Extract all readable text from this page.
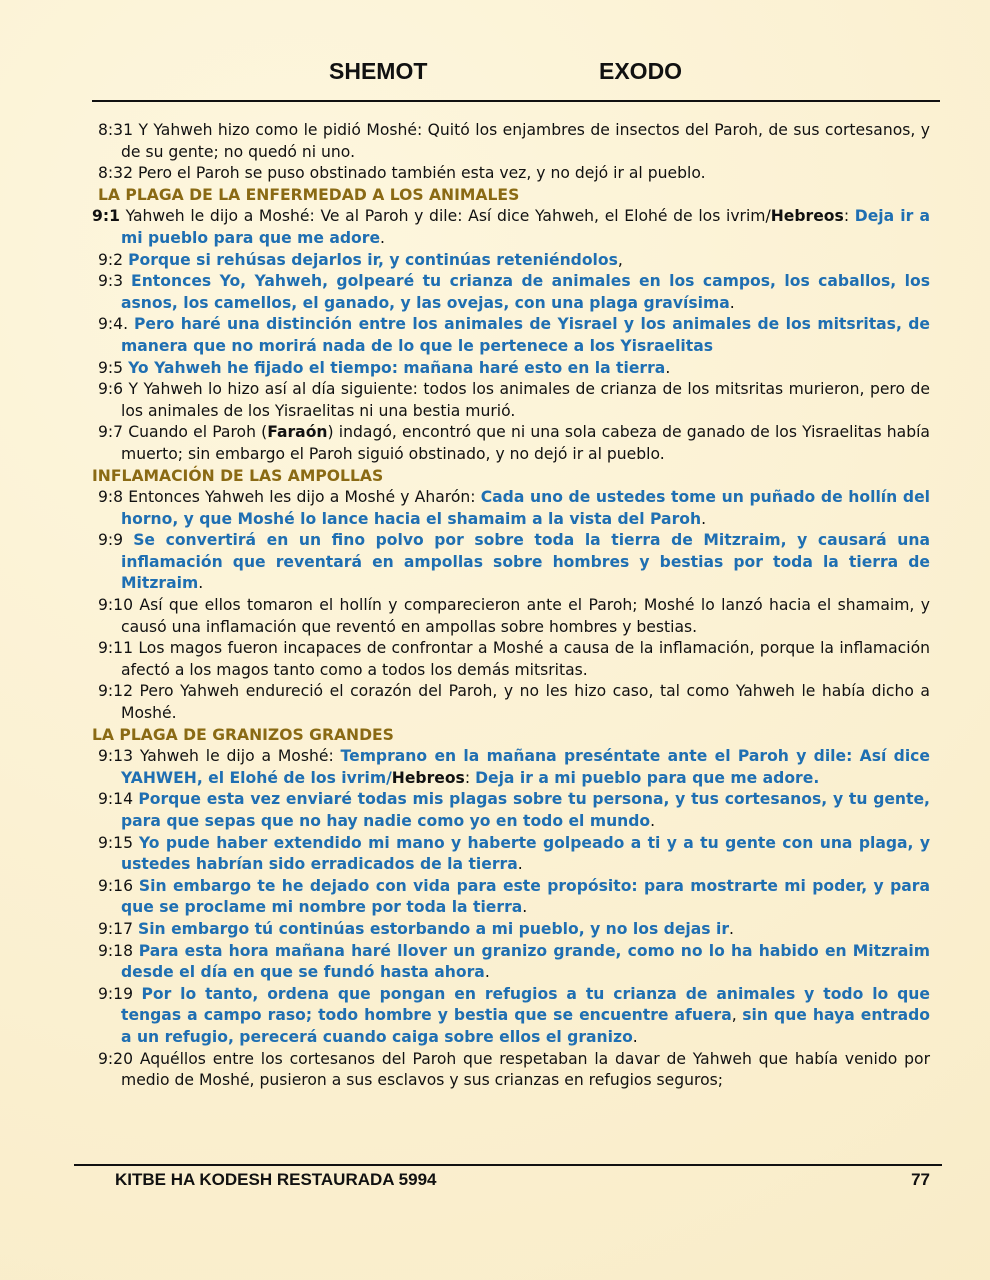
SHEMOT	EXODO

8:31 Y Yahweh hizo como le pidió Moshé: Quitó los enjambres de insectos del Paroh, de sus cortesanos, y de su gente; no quedó ni uno.

8:32 Pero el Paroh se puso obstinado también esta vez, y no dejó ir al pueblo.

LA PLAGA DE LA ENFERMEDAD A LOS ANIMALES

9:1 Yahweh le dijo a Moshé: Ve al Paroh y dile: Así dice Yahweh, el Elohé de los ivrim/Hebreos: Deja ir a mi pueblo para que me adore.

9:2 Porque si rehúsas dejarlos ir, y continúas reteniéndolos,

9:3 Entonces Yo, Yahweh, golpearé tu crianza de animales en los campos, los caballos, los asnos, los camellos, el ganado, y las ovejas, con una plaga gravísima.

9:4. Pero haré una distinción entre los animales de Yisrael y los animales de los mitsritas, de manera que no morirá nada de lo que le pertenece a los Yisraelitas

9:5 Yo Yahweh he fijado el tiempo: mañana haré esto en la tierra.

9:6 Y Yahweh lo hizo así al día siguiente: todos los animales de crianza de los mitsritas murieron, pero de los animales de los Yisraelitas ni una bestia murió.

9:7 Cuando el Paroh (Faraón) indagó, encontró que ni una sola cabeza de ganado de los Yisraelitas había muerto; sin embargo el Paroh siguió obstinado, y no dejó ir al pueblo.

INFLAMACIÓN DE LAS AMPOLLAS

9:8 Entonces Yahweh les dijo a Moshé y Aharón: Cada uno de ustedes tome un puñado de hollín del horno, y que Moshé lo lance hacia el shamaim a la vista del Paroh.

9:9 Se convertirá en un fino polvo por sobre toda la tierra de Mitzraim, y causará una inflamación que reventará en ampollas sobre hombres y bestias por toda la tierra de Mitzraim.

9:10 Así que ellos tomaron el hollín y comparecieron ante el Paroh; Moshé lo lanzó hacia el shamaim, y causó una inflamación que reventó en ampollas sobre hombres y bestias.

9:11 Los magos fueron incapaces de confrontar a Moshé a causa de la inflamación, porque la inflamación afectó a los magos tanto como a todos los demás mitsritas.

9:12 Pero Yahweh endureció el corazón del Paroh, y no les hizo caso, tal como Yahweh le había dicho a Moshé.

LA PLAGA DE GRANIZOS GRANDES

9:13 Yahweh le dijo a Moshé: Temprano en la mañana preséntate ante el Paroh y dile: Así dice YAHWEH, el Elohé de los ivrim/Hebreos: Deja ir a mi pueblo para que me adore.

9:14 Porque esta vez enviaré todas mis plagas sobre tu persona, y tus cortesanos, y tu gente, para que sepas que no hay nadie como yo en todo el mundo.

9:15 Yo pude haber extendido mi mano y haberte golpeado a ti y a tu gente con una plaga, y ustedes habrían sido erradicados de la tierra.

9:16 Sin embargo te he dejado con vida para este propósito: para mostrarte mi poder, y para que se proclame mi nombre por toda la tierra.

9:17 Sin embargo tú continúas estorbando a mi pueblo, y no los dejas ir.

9:18 Para esta hora mañana haré llover un granizo grande, como no lo ha habido en Mitzraim desde el día en que se fundó hasta ahora.

9:19 Por lo tanto, ordena que pongan en refugios a tu crianza de animales y todo lo que tengas a campo raso; todo hombre y bestia que se encuentre afuera, sin que haya entrado a un refugio, perecerá cuando caiga sobre ellos el granizo.

9:20 Aquéllos entre los cortesanos del Paroh que respetaban la davar de Yahweh que había venido por medio de Moshé, pusieron a sus esclavos y sus crianzas en refugios seguros;

KITBE HA KODESH RESTAURADA 5994	77
